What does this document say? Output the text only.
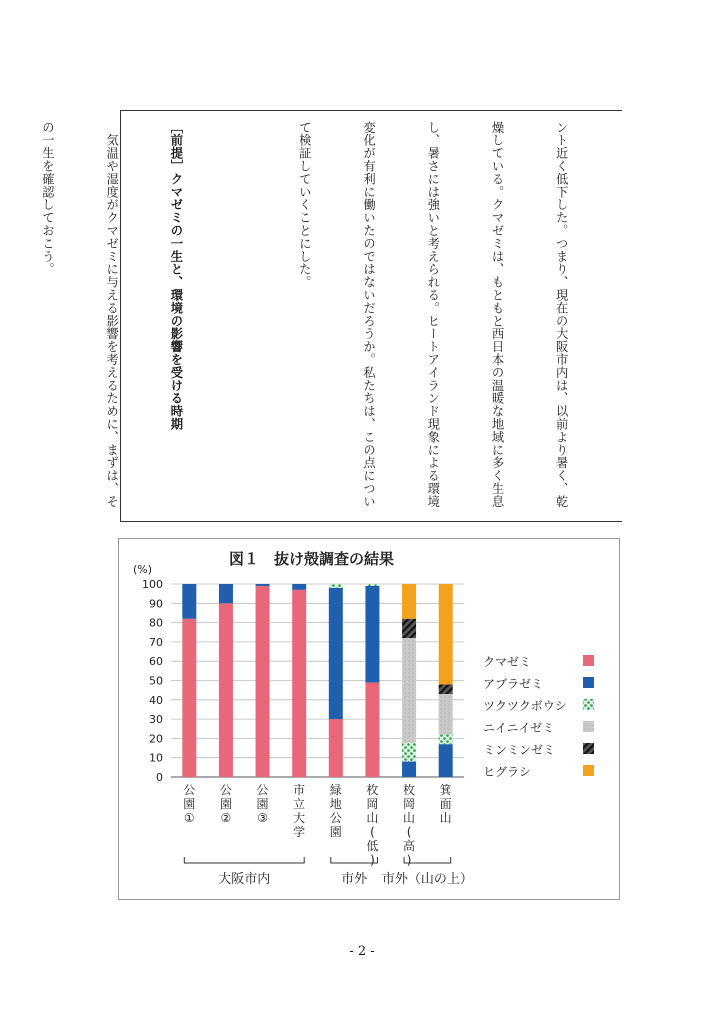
ント近く低下した。つまり、現在の大阪市内は、以前より暑く、乾

燥している。クマゼミは、もともと西日本の温暖な地域に多く生息

し、暑さには強いと考えられる。ヒートアイランド現象による環境

変化が有利に働いたのではないだろうか。私たちは、この点につい

て検証していくことにした。

［前提］クマゼミの一生と、環境の影響を受ける時期

　気温や湿度がクマゼミに与える影響を考えるために、まずは、そ

の一生を確認しておこう。

図１　抜け殻調査の結果
(%)
0
10
20
30
40
50
60
70
80
90
100
公
園
①
公
園
②
公
園
③
市
立
大
学
緑
地
公
園
枚
岡
山
(
低
)
枚
岡
山
(
高
)
箕
面
山
大阪市内	市外 市外（山の上）
クマゼミ
アブラゼミ
ツクツクボウシ
ニイニイゼミ
ミンミンゼミ
ヒグラシ
- 2 -
